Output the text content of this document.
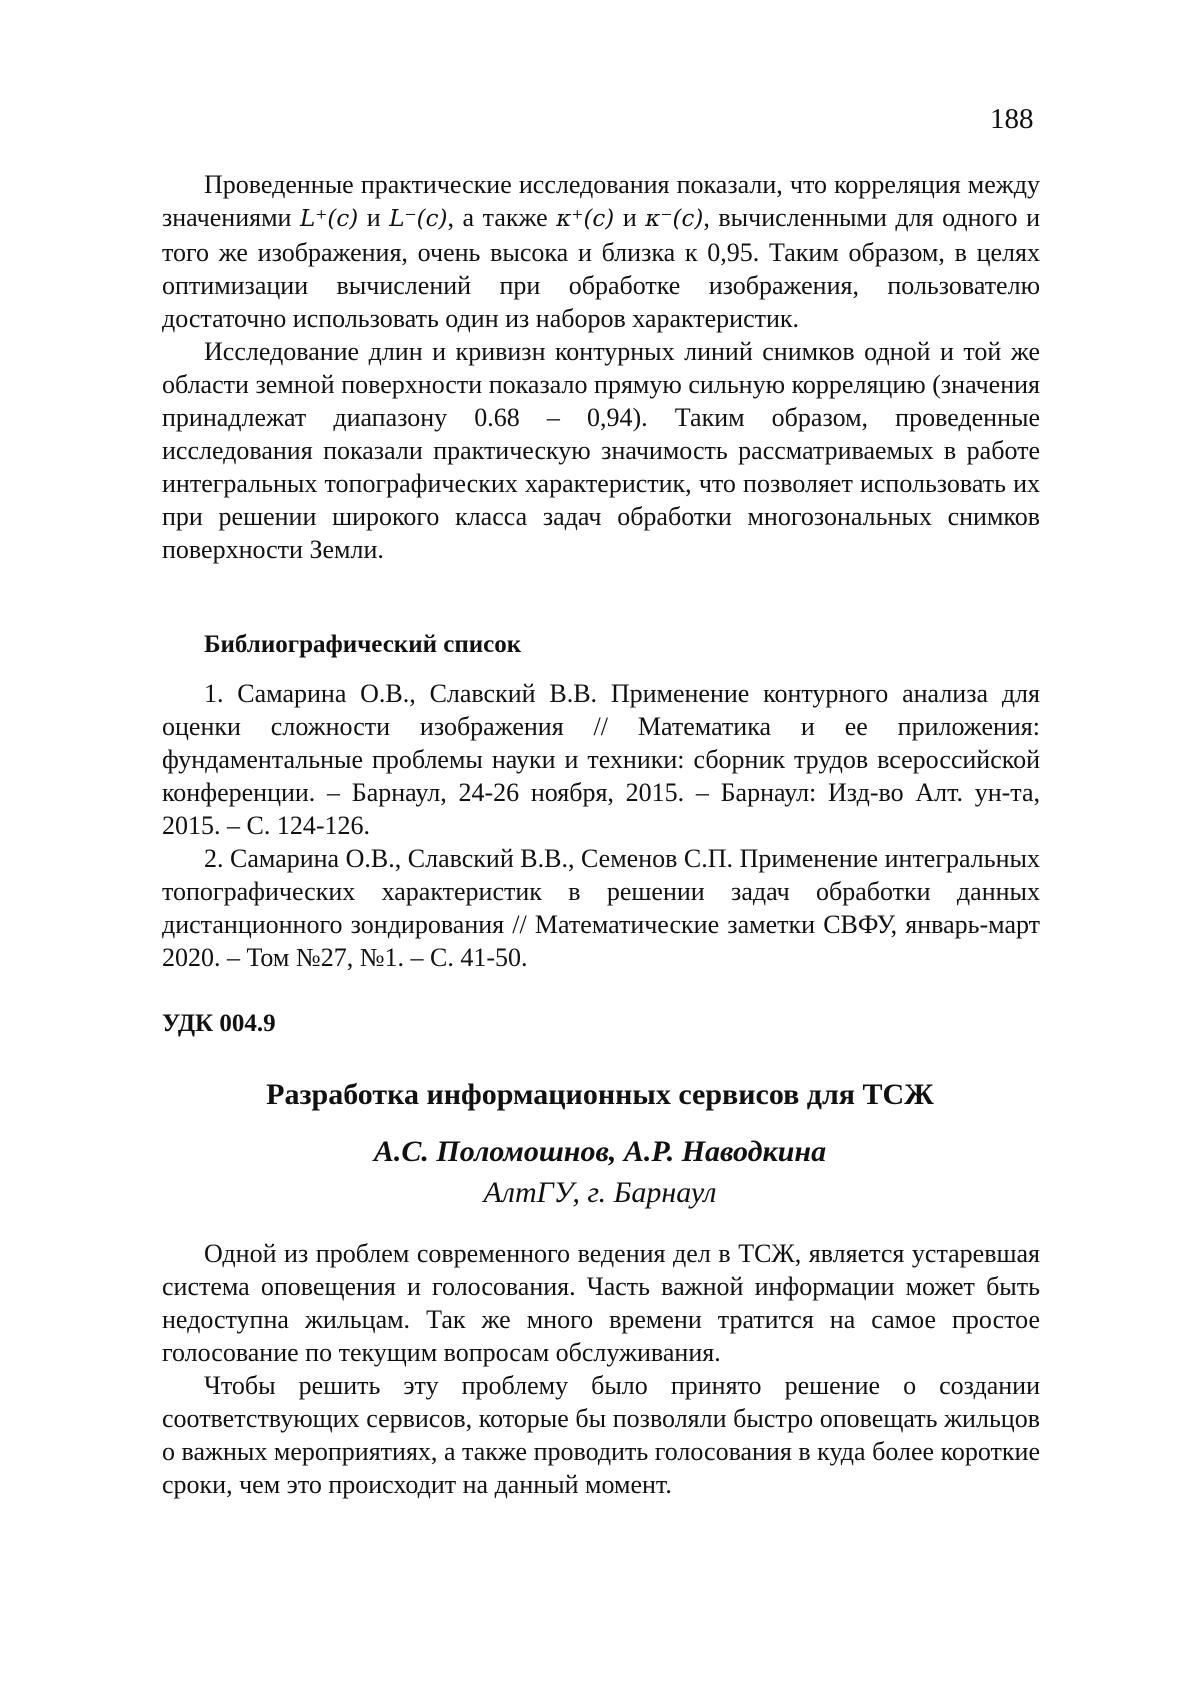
188

Проведенные практические исследования показали, что корреляция между значениями L⁺(c) и L⁻(c), а также κ⁺(c) и κ⁻(c), вычисленными для одного и того же изображения, очень высока и близка к 0,95. Таким образом, в целях оптимизации вычислений при обработке изображения, пользователю достаточно использовать один из наборов характеристик.

Исследование длин и кривизн контурных линий снимков одной и той же области земной поверхности показало прямую сильную корреляцию (значения принадлежат диапазону 0.68 – 0,94). Таким образом, проведенные исследования показали практическую значимость рассматриваемых в работе интегральных топографических характеристик, что позволяет использовать их при решении широкого класса задач обработки многозональных снимков поверхности Земли.

Библиографический список

1. Самарина О.В., Славский В.В. Применение контурного анализа для оценки сложности изображения // Математика и ее приложения: фундаментальные проблемы науки и техники: сборник трудов всероссийской конференции. – Барнаул, 24-26 ноября, 2015. – Барнаул: Изд-во Алт. ун-та, 2015. – С. 124-126.

2. Самарина О.В., Славский В.В., Семенов С.П. Применение интегральных топографических характеристик в решении задач обработки данных дистанционного зондирования // Математические заметки СВФУ, январь-март 2020. – Том №27, №1. – С. 41-50.

УДК 004.9
Разработка информационных сервисов для ТСЖ
А.С. Поломошнов, А.Р. Наводкина
АлтГУ, г. Барнаул

Одной из проблем современного ведения дел в ТСЖ, является устаревшая система оповещения и голосования. Часть важной информации может быть недоступна жильцам. Так же много времени тратится на самое простое голосование по текущим вопросам обслуживания.

Чтобы решить эту проблему было принято решение о создании соответствующих сервисов, которые бы позволяли быстро оповещать жильцов о важных мероприятиях, а также проводить голосования в куда более короткие сроки, чем это происходит на данный момент.
